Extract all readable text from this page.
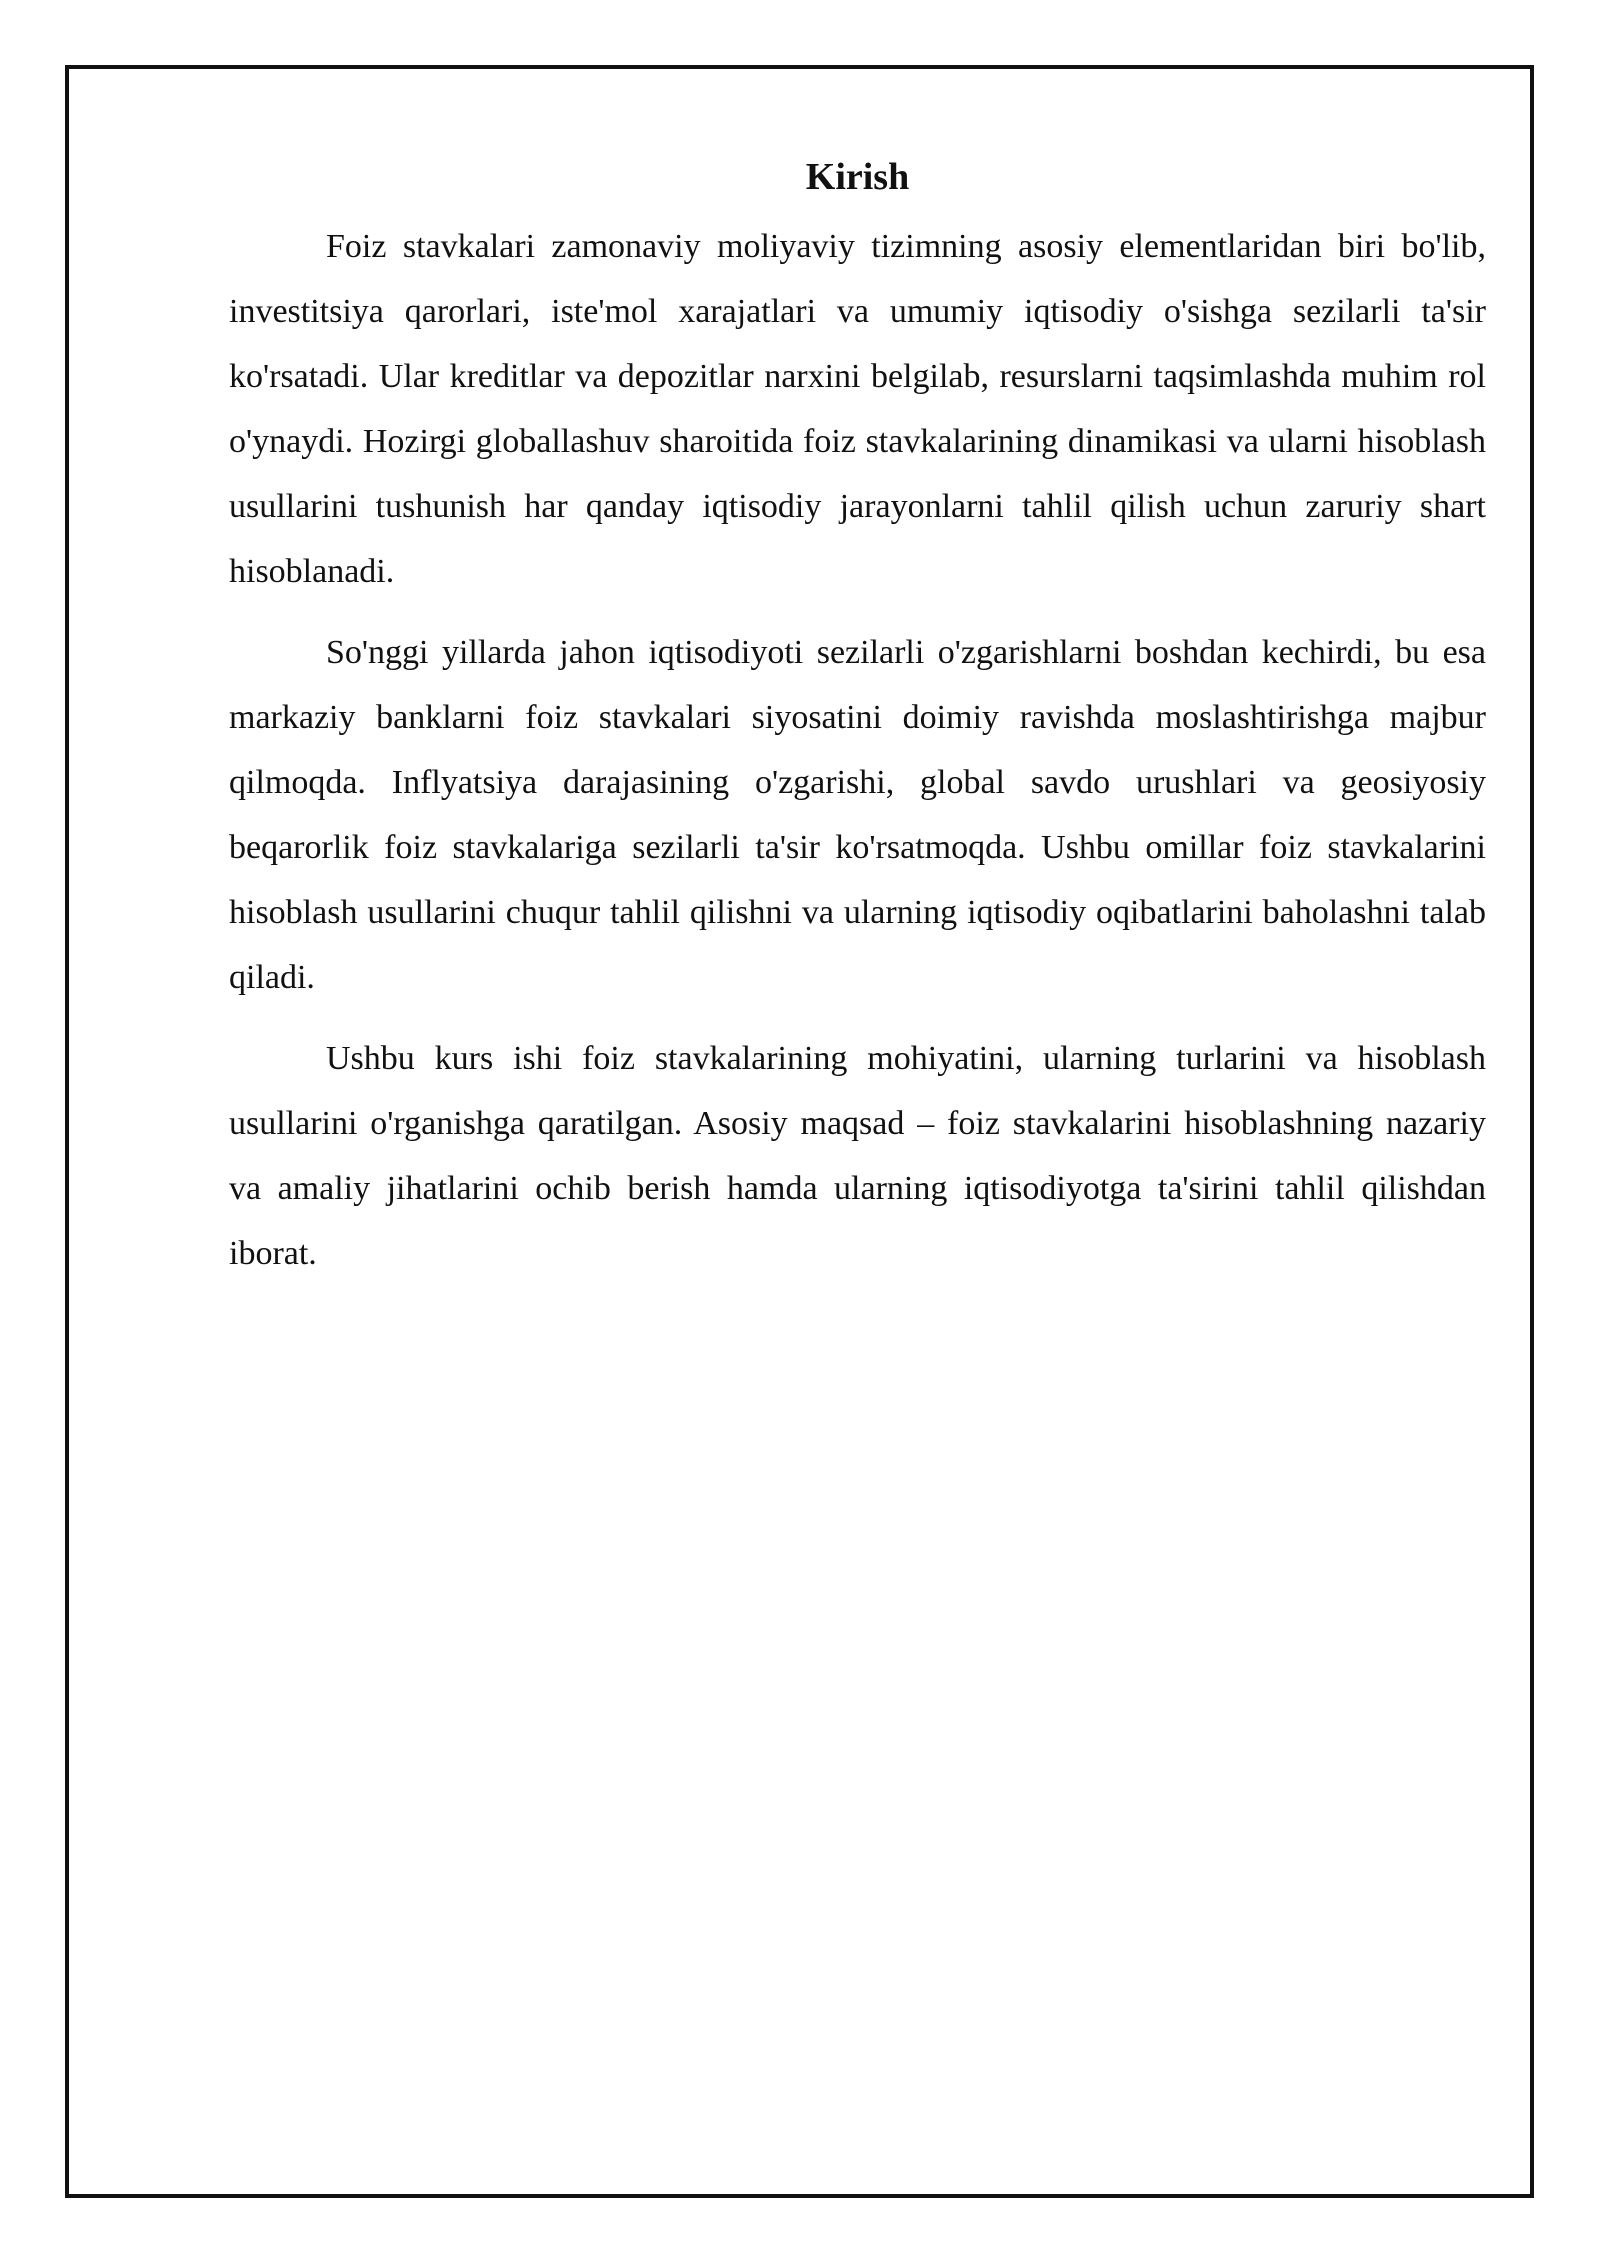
Kirish

Foiz stavkalari zamonaviy moliyaviy tizimning asosiy elementlaridan biri bo'lib, investitsiya qarorlari, iste'mol xarajatlari va umumiy iqtisodiy o'sishga sezilarli ta'sir ko'rsatadi. Ular kreditlar va depozitlar narxini belgilab, resurslarni taqsimlashda muhim rol o'ynaydi. Hozirgi globallashuv sharoitida foiz stavkalarining dinamikasi va ularni hisoblash usullarini tushunish har qanday iqtisodiy jarayonlarni tahlil qilish uchun zaruriy shart hisoblanadi.

So'nggi yillarda jahon iqtisodiyoti sezilarli o'zgarishlarni boshdan kechirdi, bu esa markaziy banklarni foiz stavkalari siyosatini doimiy ravishda moslashtirishga majbur qilmoqda. Inflyatsiya darajasining o'zgarishi, global savdo urushlari va geosiyosiy beqarorlik foiz stavkalariga sezilarli ta'sir ko'rsatmoqda. Ushbu omillar foiz stavkalarini hisoblash usullarini chuqur tahlil qilishni va ularning iqtisodiy oqibatlarini baholashni talab qiladi.

Ushbu kurs ishi foiz stavkalarining mohiyatini, ularning turlarini va hisoblash usullarini o'rganishga qaratilgan. Asosiy maqsad – foiz stavkalarini hisoblashning nazariy va amaliy jihatlarini ochib berish hamda ularning iqtisodiyotga ta'sirini tahlil qilishdan iborat.
